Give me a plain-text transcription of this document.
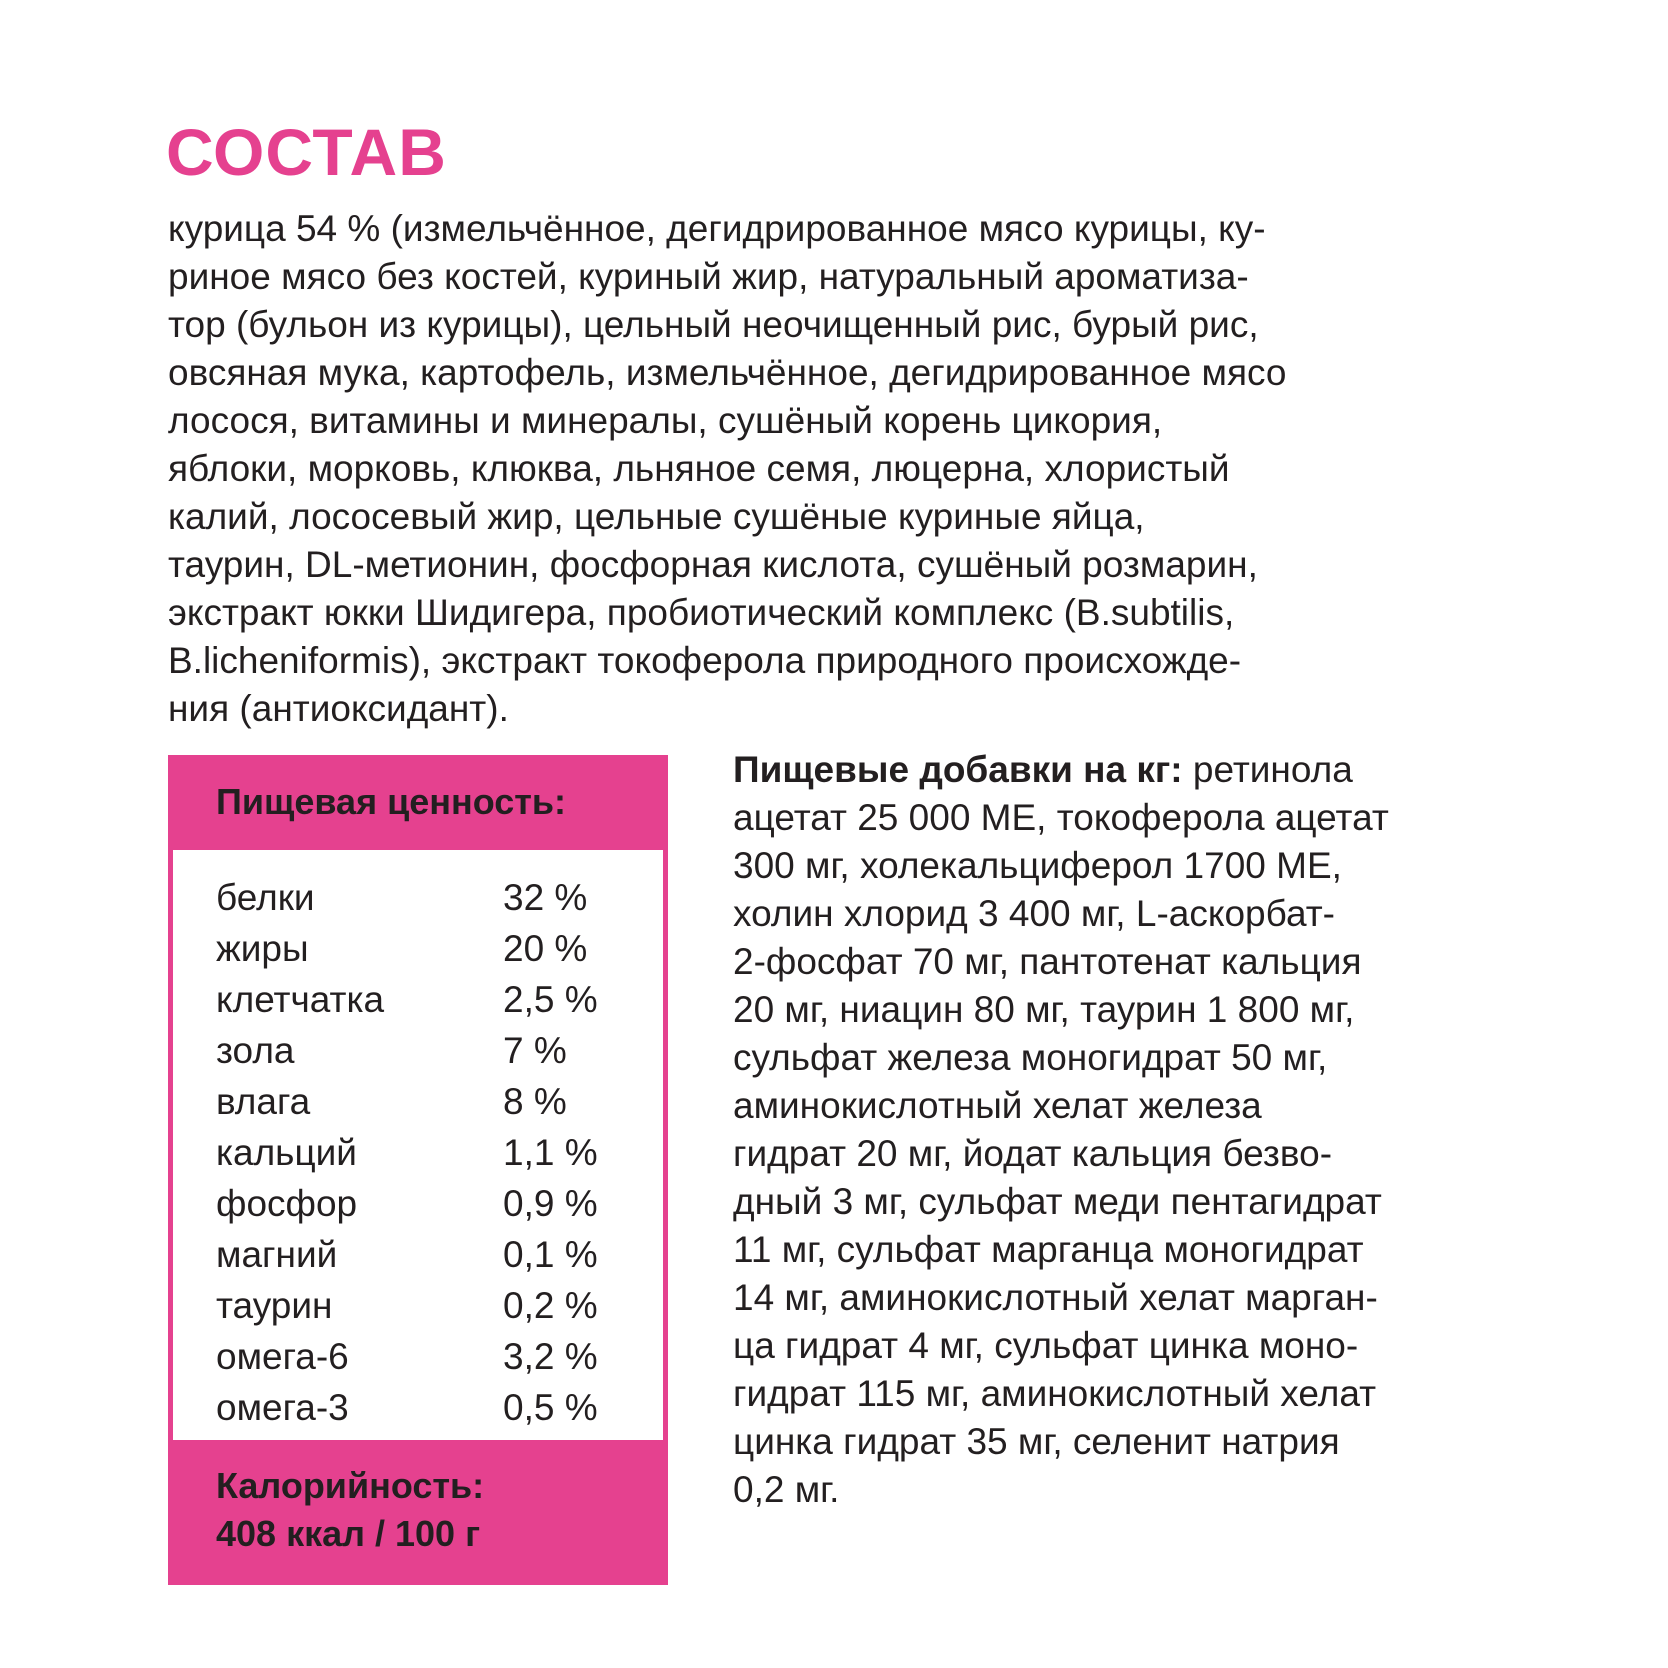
СОСТАВ

курица 54 % (измельчённое, дегидрированное мясо курицы, ку-
риное мясо без костей, куриный жир, натуральный ароматиза-
тор (бульон из курицы), цельный неочищенный рис, бурый рис,
овсяная мука, картофель, измельчённое, дегидрированное мясо
лосося, витамины и минералы, сушёный корень цикория,
яблоки, морковь, клюква, льняное семя, люцерна, хлористый
калий, лососевый жир, цельные сушёные куриные яйца,
таурин, DL-метионин, фосфорная кислота, сушёный розмарин,
экстракт юкки Шидигера, пробиотический комплекс (B.subtilis,
B.licheniformis), экстракт токоферола природного происхожде-
ния (антиоксидант).

Пищевая ценность:
белки	32 %
жиры	20 %
клетчатка	2,5 %
зола	7 %
влага	8 %
кальций	1,1 %
фосфор	0,9 %
магний	0,1 %
таурин	0,2 %
омега-6	3,2 %
омега-3	0,5 %
Калорийность:
408 ккал / 100 г

Пищевые добавки на кг: ретинола
ацетат 25 000 МЕ, токоферола ацетат
300 мг, холекальциферол 1700 МЕ,
холин хлорид 3 400 мг, L-аскорбат-
2-фосфат 70 мг, пантотенат кальция
20 мг, ниацин 80 мг, таурин 1 800 мг,
сульфат железа моногидрат 50 мг,
аминокислотный хелат железа
гидрат 20 мг, йодат кальция безво-
дный 3 мг, сульфат меди пентагидрат
11 мг, сульфат марганца моногидрат
14 мг, аминокислотный хелат марган-
ца гидрат 4 мг, сульфат цинка моно-
гидрат 115 мг, аминокислотный хелат
цинка гидрат 35 мг, селенит натрия
0,2 мг.
